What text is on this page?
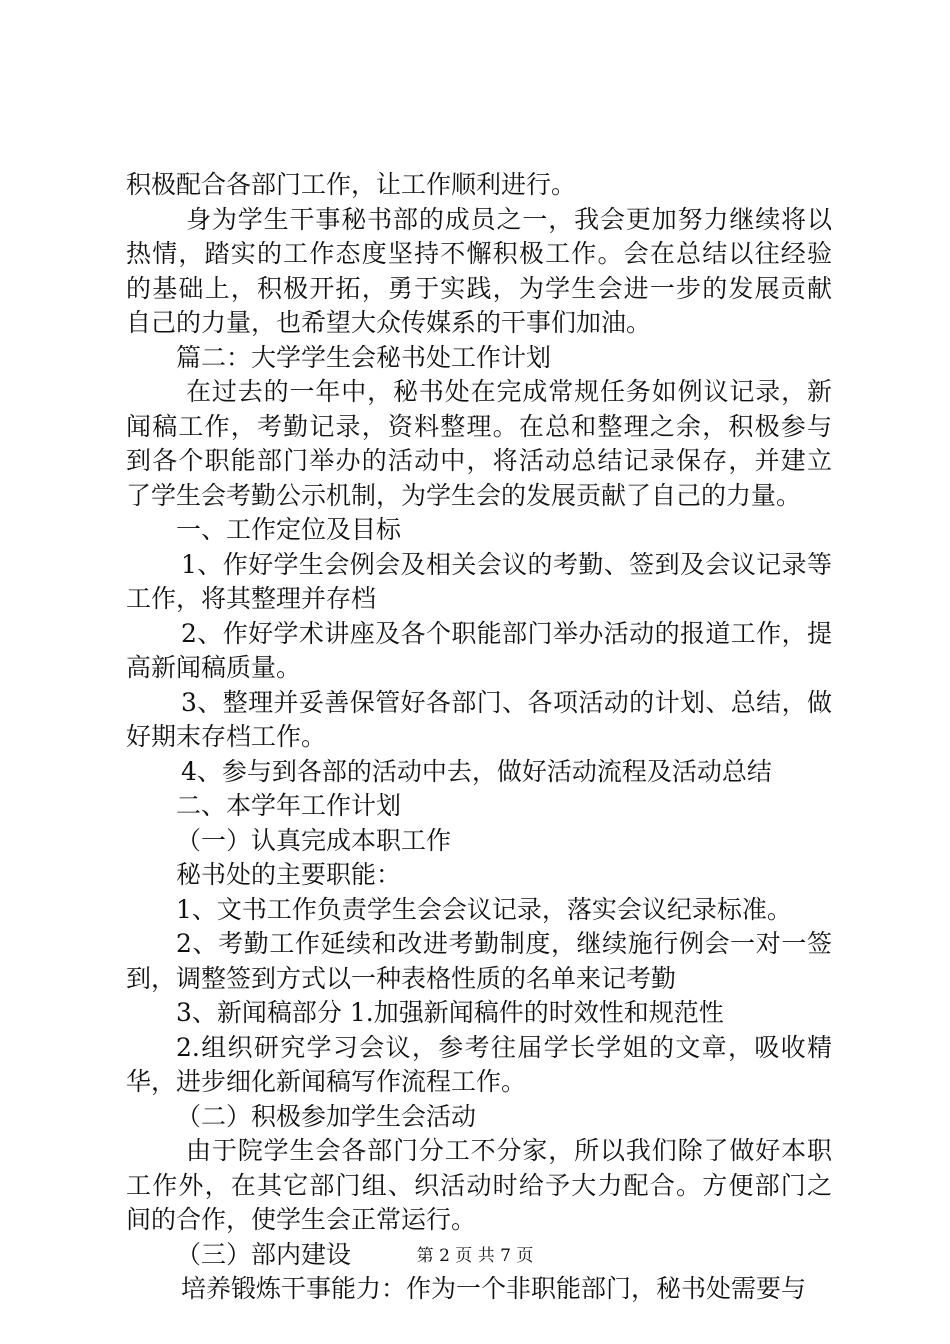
积极配合各部门工作，让工作顺利进行。
身为学生干事秘书部的成员之一，我会更加努力继续将以
热情，踏实的工作态度坚持不懈积极工作。会在总结以往经验
的基础上，积极开拓，勇于实践，为学生会进一步的发展贡献
自己的力量，也希望大众传媒系的干事们加油。
篇二：大学学生会秘书处工作计划
在过去的一年中，秘书处在完成常规任务如例议记录，新
闻稿工作，考勤记录，资料整理。在总和整理之余，积极参与
到各个职能部门举办的活动中，将活动总结记录保存，并建立
了学生会考勤公示机制，为学生会的发展贡献了自己的力量。
一、工作定位及目标
1、作好学生会例会及相关会议的考勤、签到及会议记录等
工作，将其整理并存档
2、作好学术讲座及各个职能部门举办活动的报道工作，提
高新闻稿质量。
3、整理并妥善保管好各部门、各项活动的计划、总结，做
好期末存档工作。
4、参与到各部的活动中去，做好活动流程及活动总结
二、本学年工作计划
（一）认真完成本职工作
秘书处的主要职能：
1、文书工作负责学生会会议记录，落实会议纪录标准。
2、考勤工作延续和改进考勤制度，继续施行例会一对一签
到，调整签到方式以一种表格性质的名单来记考勤
3、新闻稿部分 1.加强新闻稿件的时效性和规范性
2.组织研究学习会议，参考往届学长学姐的文章，吸收精
华，进步细化新闻稿写作流程工作。
（二）积极参加学生会活动
由于院学生会各部门分工不分家，所以我们除了做好本职
工作外，在其它部门组、织活动时给予大力配合。方便部门之
间的合作，使学生会正常运行。
（三）部内建设
培养锻炼干事能力：作为一个非职能部门，秘书处需要与
第 2 页 共 7 页
